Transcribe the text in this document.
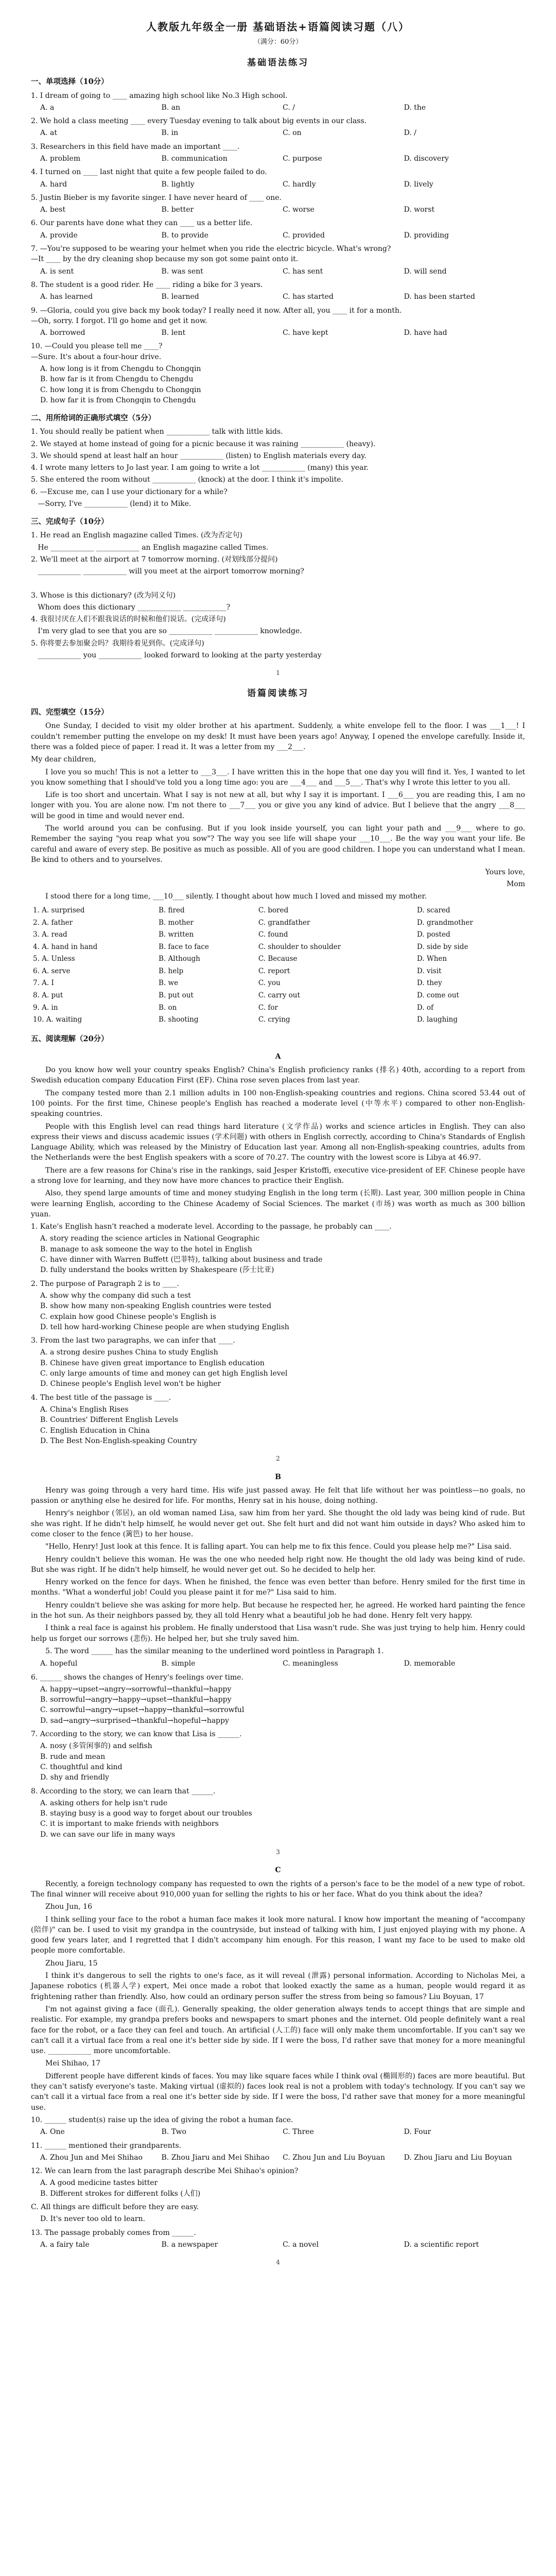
人教版九年级全一册 基础语法+语篇阅读习题（八）
（满分：60分）
基础语法练习
一、单项选择（10分）
1. I dream of going to ____ amazing high school like No.3 High school.
A. a	B. an	C. /	D. the
2. We hold a class meeting ____ every Tuesday evening to talk about big events in our class.
A. at	B. in	C. on	D. /
3. Researchers in this field have made an important ____.
A. problem	B. communication	C. purpose	D. discovery
4. I turned on ____ last night that quite a few people failed to do.
A. hard	B. lightly	C. hardly	D. lively
5. Justin Bieber is my favorite singer. I have never heard of ____ one.
A. best	B. better	C. worse	D. worst
6. Our parents have done what they can ____ us a better life.
A. provide	B. to provide	C. provided	D. providing
7. —You're supposed to be wearing your helmet when you ride the electric bicycle. What's wrong?
—It ____ by the dry cleaning shop because my son got some paint onto it.
A. is sent	B. was sent	C. has sent	D. will send
8. The student is a good rider. He ____ riding a bike for 3 years.
A. has learned	B. learned	C. has started	D. has been started
9. —Gloria, could you give back my book today? I really need it now. After all, you ____ it for a month.
—Oh, sorry. I forgot. I'll go home and get it now.
A. borrowed	B. lent	C. have kept	D. have had
10. —Could you please tell me ____?
—Sure. It's about a four-hour drive.
A. how long is it from Chengdu to Chongqin
B. how far is it from Chengdu to Chengdu
C. how long it is from Chengdu to Chongqin
D. how far it is from Chongqin to Chengdu
二、用所给词的正确形式填空（5分）
1. You should really be patient when ____________ talk with little kids.
2. We stayed at home instead of going for a picnic because it was raining ____________ (heavy).
3. We should spend at least half an hour ____________ (listen) to English materials every day.
4. I wrote many letters to Jo last year. I am going to write a lot ____________ (many) this year.
5. She entered the room without ____________ (knock) at the door. I think it's impolite.
6. —Excuse me, can I use your dictionary for a while?
—Sorry, I've ____________ (lend) it to Mike.
三、完成句子（10分）
1. He read an English magazine called Times. (改为否定句)
He ____________ ____________ an English magazine called Times.
2. We'll meet at the airport at 7 tomorrow morning. (对划线部分提问)
____________ ____________ will you meet at the airport tomorrow morning?
3. Whose is this dictionary? (改为同义句)
Whom does this dictionary ____________ ____________?
4. 我很讨厌在人们不跟我说话的时候和他们说话。(完成译句)
I'm very glad to see that you are so ____________ ____________ knowledge.
5. 你将要去参加聚会吗？我期待着见到你。(完成译句)
____________ you ____________ looked forward to looking at the party yesterday
1
语篇阅读练习
四、完型填空（15分）
One Sunday, I decided to visit my older brother at his apartment. Suddenly, a white envelope fell to the floor. I was ___1___! I couldn't remember putting the envelope on my desk! It must have been years ago! Anyway, I opened the envelope carefully. Inside it, there was a folded piece of paper. I read it. It was a letter from my ___2___.
My dear children,
I love you so much! This is not a letter to ___3___. I have written this in the hope that one day you will find it. Yes, I wanted to let you know something that I should've told you a long time ago: you are ___4___ and ___5___. That's why I wrote this letter to you all.
Life is too short and uncertain. What I say is not new at all, but why I say it is important. I ___6___ you are reading this, I am no longer with you. You are alone now. I'm not there to ___7___ you or give you any kind of advice. But I believe that the angry ___8___ will be good in time and would never end.
The world around you can be confusing. But if you look inside yourself, you can light your path and ___9___ where to go. Remember the saying "you reap what you sow"? The way you see life will shape your ___10___. Be the way you want your life. Be careful and aware of every step. Be positive as much as possible. All of you are good children. I hope you can understand what I mean. Be kind to others and to yourselves.
Yours love,
Mom
I stood there for a long time, ___10___ silently. I thought about how much I loved and missed my mother.
1. A. surprised	B. fired	C. bored	D. scared
2. A. father	B. mother	C. grandfather	D. grandmother
3. A. read	B. written	C. found	D. posted
4. A. hand in hand	B. face to face	C. shoulder to shoulder	D. side by side
5. A. Unless	B. Although	C. Because	D. When
6. A. serve	B. help	C. report	D. visit
7. A. I	B. we	C. you	D. they
8. A. put	B. put out	C. carry out	D. come out
9. A. in	B. on	C. for	D. of
10. A. waiting	B. shooting	C. crying	D. laughing
五、阅读理解（20分）
A
Do you know how well your country speaks English? China's English proficiency ranks (排名) 40th, according to a report from Swedish education company Education First (EF). China rose seven places from last year.
The company tested more than 2.1 million adults in 100 non-English-speaking countries and regions. China scored 53.44 out of 100 points. For the first time, Chinese people's English has reached a moderate level (中等水平) compared to other non-English-speaking countries.
People with this English level can read things hard literature (文学作品) works and science articles in English. They can also express their views and discuss academic issues (学术问题) with others in English correctly, according to China's Standards of English Language Ability, which was released by the Ministry of Education last year. Among all non-English-speaking countries, adults from the Netherlands were the best English speakers with a score of 70.27. The country with the lowest score is Libya at 46.97.
There are a few reasons for China's rise in the rankings, said Jesper Kristoffi, executive vice-president of EF. Chinese people have a strong love for learning, and they now have more chances to practice their English.
Also, they spend large amounts of time and money studying English in the long term (长期). Last year, 300 million people in China were learning English, according to the Chinese Academy of Social Sciences. The market (市场) was worth as much as 300 billion yuan.
1. Kate's English hasn't reached a moderate level. According to the passage, he probably can ____.
A. story reading the science articles in National Geographic
B. manage to ask someone the way to the hotel in English
C. have dinner with Warren Buffett (巴菲特), talking about business and trade
D. fully understand the books written by Shakespeare (莎士比亚)
2. The purpose of Paragraph 2 is to ____.
A. show why the company did such a test
B. show how many non-speaking English countries were tested
C. explain how good Chinese people's English is
D. tell how hard-working Chinese people are when studying English
3. From the last two paragraphs, we can infer that ____.
A. a strong desire pushes China to study English
B. Chinese have given great importance to English education
C. only large amounts of time and money can get high English level
D. Chinese people's English level won't be higher
4. The best title of the passage is ____.
A. China's English Rises
B. Countries' Different English Levels
C. English Education in China
D. The Best Non-English-speaking Country
2
B
Henry was going through a very hard time. His wife just passed away. He felt that life without her was pointless—no goals, no passion or anything else he desired for life. For months, Henry sat in his house, doing nothing.
Henry's neighbor (邻居), an old woman named Lisa, saw him from her yard. She thought the old lady was being kind of rude. But she was right. If he didn't help himself, he would never get out. She felt hurt and did not want him outside in days? Who asked him to come closer to the fence (篱笆) to her house.
"Hello, Henry! Just look at this fence. It is falling apart. You can help me to fix this fence. Could you please help me?" Lisa said.
Henry couldn't believe this woman. He was the one who needed help right now. He thought the old lady was being kind of rude. But she was right. If he didn't help himself, he would never get out. So he decided to help her.
Henry worked on the fence for days. When he finished, the fence was even better than before. Henry smiled for the first time in months. "What a wonderful job! Could you please paint it for me?" Lisa said to him.
Henry couldn't believe she was asking for more help. But because he respected her, he agreed. He worked hard painting the fence in the hot sun. As their neighbors passed by, they all told Henry what a beautiful job he had done. Henry felt very happy.
I think a real face is against his problem. He finally understood that Lisa wasn't rude. She was just trying to help him. Henry could help us forget our sorrows (悲伤). He helped her, but she truly saved him.
5. The word ______ has the similar meaning to the underlined word pointless in Paragraph 1.
A. hopeful	B. simple	C. meaningless	D. memorable
6. ______ shows the changes of Henry's feelings over time.
A. happy→upset→angry→sorrowful→thankful→happy
B. sorrowful→angry→happy→upset→thankful→happy
C. sorrowful→angry→upset→happy→thankful→sorrowful
D. sad→angry→surprised→thankful→hopeful→happy
7. According to the story, we can know that Lisa is ______.
A. nosy (多管闲事的) and selfish
B. rude and mean
C. thoughtful and kind
D. shy and friendly
8. According to the story, we can learn that ______.
A. asking others for help isn't rude
B. staying busy is a good way to forget about our troubles
C. it is important to make friends with neighbors
D. we can save our life in many ways
3
C
Recently, a foreign technology company has requested to own the rights of a person's face to be the model of a new type of robot. The final winner will receive about 910,000 yuan for selling the rights to his or her face. What do you think about the idea?
Zhou Jun, 16
I think selling your face to the robot a human face makes it look more natural. I know how important the meaning of "accompany (陪伴)" can be. I used to visit my grandpa in the countryside, but instead of talking with him, I just enjoyed playing with my phone. A good few years later, and I regretted that I didn't accompany him enough. For this reason, I want my face to be used to make old people more comfortable.
Zhou Jiaru, 15
I think it's dangerous to sell the rights to one's face, as it will reveal (泄露) personal information. According to Nicholas Mei, a Japanese robotics (机器人学) expert, Mei once made a robot that looked exactly the same as a human, people would regard it as frightening rather than friendly. Also, how could an ordinary person suffer the stress from being so famous? Liu Boyuan, 17
I'm not against giving a face (面孔). Generally speaking, the older generation always tends to accept things that are simple and realistic. For example, my grandpa prefers books and newspapers to smart phones and the internet. Old people definitely want a real face for the robot, or a face they can feel and touch. An artificial (人工的) face will only make them uncomfortable. If you can't say we can't call it a virtual face from a real one it's better side by side. If I were the boss, I'd rather save that money for a more meaningful use. ____________ more uncomfortable.
Mei Shihao, 17
Different people have different kinds of faces. You may like square faces while I think oval (椭圆形的) faces are more beautiful. But they can't satisfy everyone's taste. Making virtual (虚拟的) faces look real is not a problem with today's technology. If you can't say we can't call it a virtual face from a real one it's better side by side. If I were the boss, I'd rather save that money for a more meaningful use.
10. ______ student(s) raise up the idea of giving the robot a human face.
A. One	B. Two	C. Three	D. Four
11. ______ mentioned their grandparents.
A. Zhou Jun and Mei Shihao	B. Zhou Jiaru and Mei Shihao	C. Zhou Jun and Liu Boyuan	D. Zhou Jiaru and Liu Boyuan
12. We can learn from the last paragraph describe Mei Shihao's opinion?
A. A good medicine tastes bitter
B. Different strokes for different folks (人们)
C. All things are difficult before they are easy.
D. It's never too old to learn.
13. The passage probably comes from ______.
A. a fairy tale	B. a newspaper	C. a novel	D. a scientific report
4
